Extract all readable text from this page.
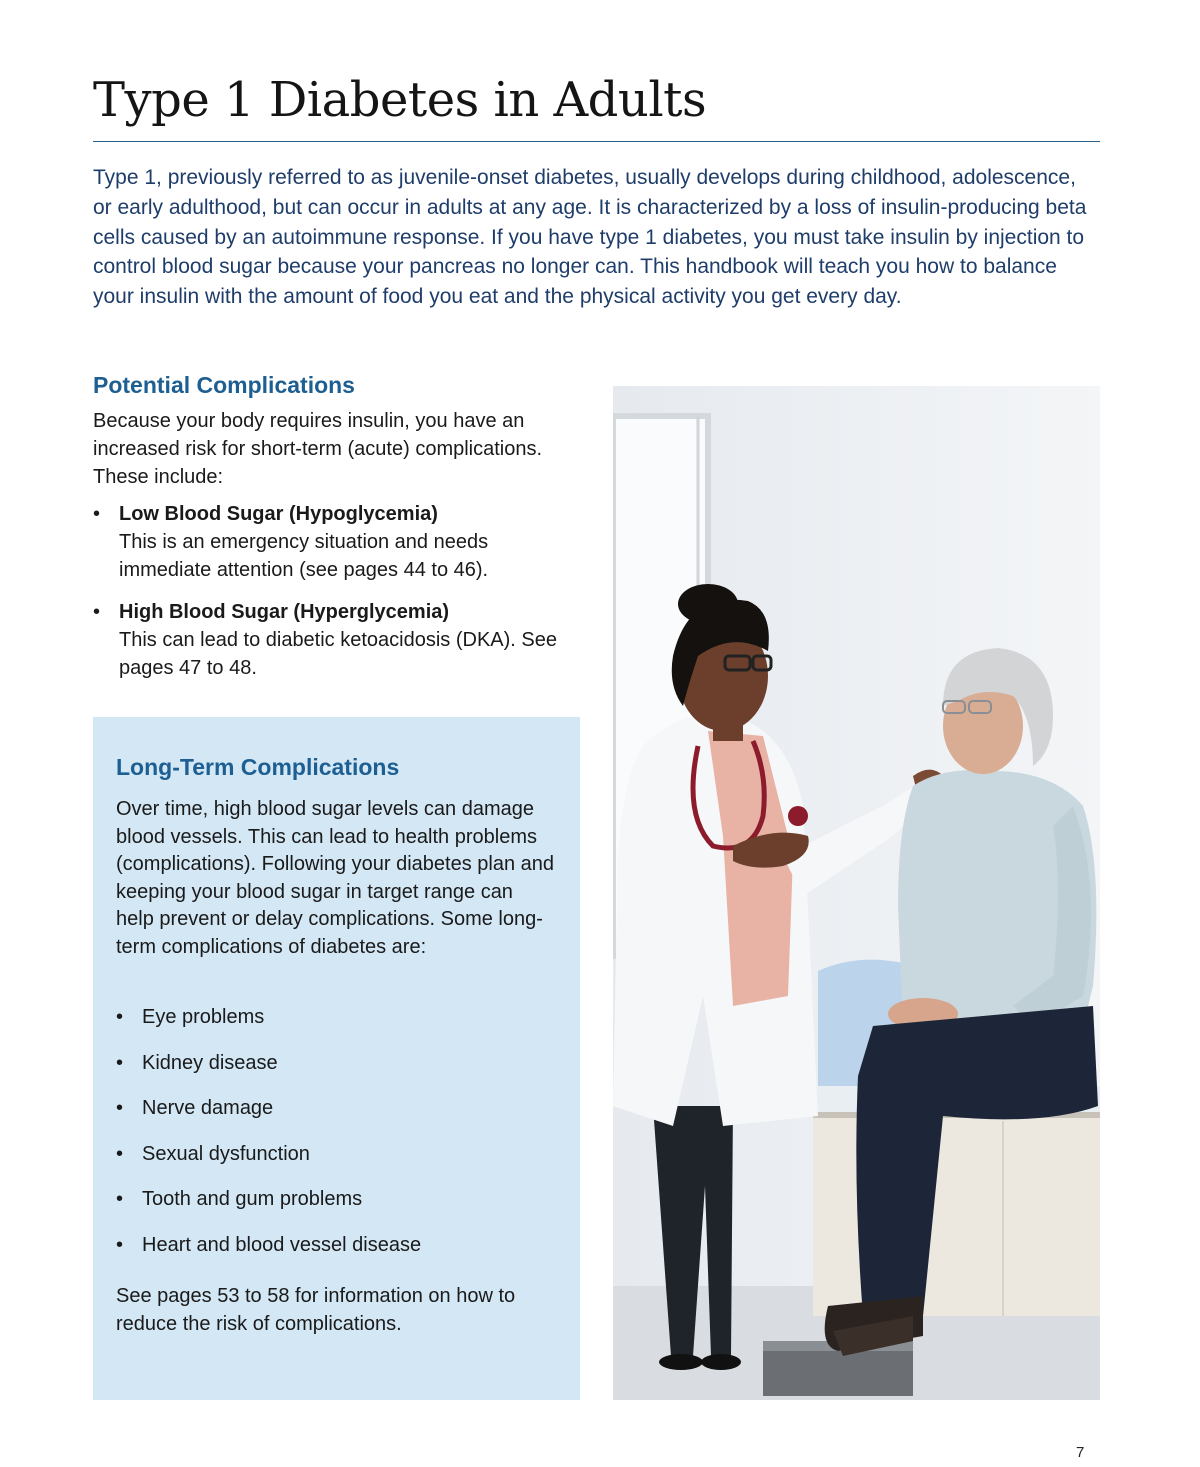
Type 1 Diabetes in Adults

Type 1, previously referred to as juvenile-onset diabetes, usually develops during childhood, adolescence, or early adulthood, but can occur in adults at any age. It is characterized by a loss of insulin-producing beta cells caused by an autoimmune response. If you have type 1 diabetes, you must take insulin by injection to control blood sugar because your pancreas no longer can. This handbook will teach you how to balance your insulin with the amount of food you eat and the physical activity you get every day.

Potential Complications

Because your body requires insulin, you have an increased risk for short-term (acute) complications. These include:

• Low Blood Sugar (Hypoglycemia)
This is an emergency situation and needs immediate attention (see pages 44 to 46).
• High Blood Sugar (Hyperglycemia)
This can lead to diabetic ketoacidosis (DKA). See pages 47 to 48.
Long-Term Complications

Over time, high blood sugar levels can damage blood vessels. This can lead to health problems (complications). Following your diabetes plan and keeping your blood sugar in target range can help prevent or delay complications. Some long-term complications of diabetes are:

• Eye problems
• Kidney disease
• Nerve damage
• Sexual dysfunction
• Tooth and gum problems
• Heart and blood vessel disease

See pages 53 to 58 for information on how to reduce the risk of complications.

7
